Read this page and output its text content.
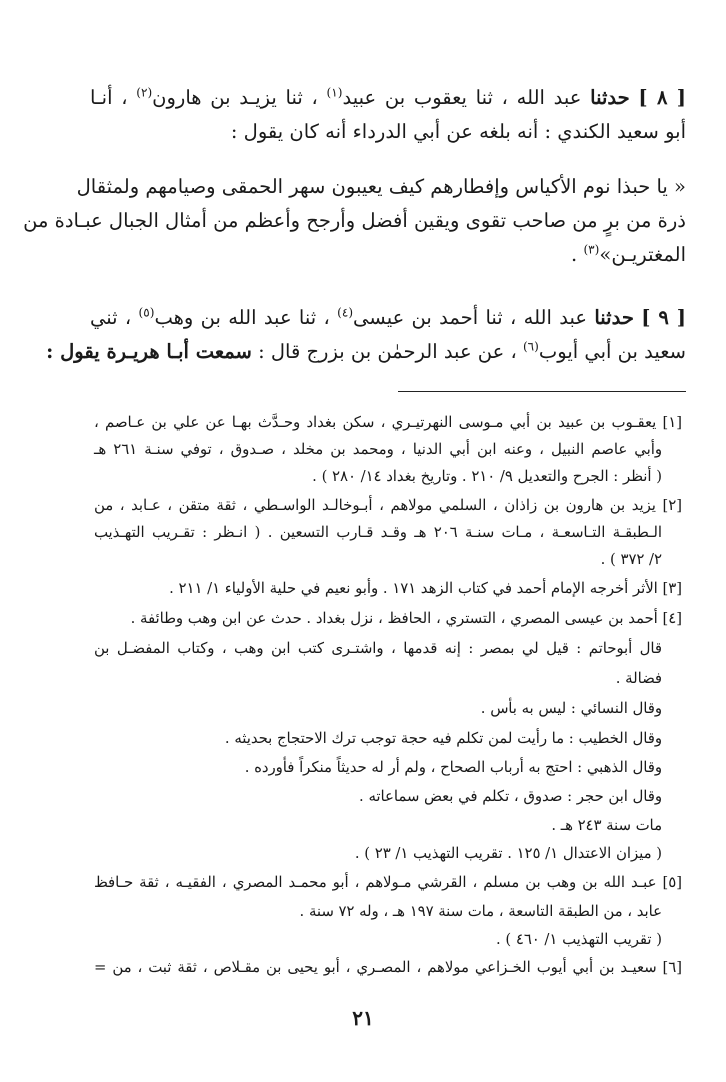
[ ٨ ] حدثنا عبد الله ، ثنا يعقوب بن عبيد$^{(١)}$ ، ثنا يزيـد بن هارون$^{(٢)}$ ، أنـا
أبو سعيد الكندي : أنه بلغه عن أبي الدرداء أنه كان يقول :
« يا حبذا نوم الأكياس وإفطارهم كيف يعيبون سهر الحمقى وصيامهم ولمثقال
ذرة من برٍ من صاحب تقوى ويقين أفضل وأرجح وأعظم من أمثال الجبال عبـادة من
المغتريـن»$^{(٣)}$ .
[ ٩ ] حدثنا عبد الله ، ثنا أحمد بن عيسى$^{(٤)}$ ، ثنا عبد الله بن وهب$^{(٥)}$ ، ثني
سعيد بن أبي أيوب$^{(٦)}$ ، عن عبد الرحمٰن بن بزرج قال : سمعت أبـا هريـرة يقول :
[١] يعقـوب بن عبيد بن أبي مـوسى النهرتيـري ، سكن بغداد وحـدَّث بهـا عن علي بن عـاصم ،
وأبي عاصم النبيل ، وعنه ابن أبي الدنيا ، ومحمد بن مخلد ، صـدوق ، توفي سنـة ٢٦١ هـ
( أنظر : الجرح والتعديل ٩/ ٢١٠ . وتاريخ بغداد ١٤/ ٢٨٠ ) .
[٢] يزيد بن هارون بن زاذان ، السلمي مولاهم ، أبـوخالـد الواسـطي ، ثقة متقن ، عـابد ، من
الـطبقـة التـاسعـة ، مـات سنـة ٢٠٦ هـ وقـد قـارب التسعين . ( انـظر : تقـريب التهـذيب
٢/ ٣٧٢ ) .
[٣] الأثر أخرجه الإمام أحمد في كتاب الزهد ١٧١ . وأبو نعيم في حلية الأولياء ١/ ٢١١ .
[٤] أحمد بن عيسى المصري ، التستري ، الحافظ ، نزل بغداد . حدث عن ابن وهب وطائفة .
قال أبوحاتم : قيل لي بمصر : إنه قدمها ، واشتـرى كتب ابن وهب ، وكتاب المفضـل بن
فضالة .
وقال النسائي : ليس به بأس .
وقال الخطيب : ما رأيت لمن تكلم فيه حجة توجب ترك الاحتجاج بحديثه .
وقال الذهبي : احتج به أرباب الصحاح ، ولم أر له حديثاً منكراً فأورده .
وقال ابن حجر : صدوق ، تكلم في بعض سماعاته .
مات سنة ٢٤٣ هـ .
( ميزان الاعتدال ١/ ١٢٥ . تقريب التهذيب ١/ ٢٣ ) .
[٥] عبـد الله بن وهب بن مسلم ، القرشي مـولاهم ، أبو محمـد المصري ، الفقيـه ، ثقة حـافظ
عابد ، من الطبقة التاسعة ، مات سنة ١٩٧ هـ ، وله ٧٢ سنة .
( تقريب التهذيب ١/ ٤٦٠ ) .
[٦] سعيـد بن أبي أيوب الخـزاعي مولاهم ، المصـري ، أبو يحيى بن مقـلاص ، ثقة ثبت ، من =
٢١
